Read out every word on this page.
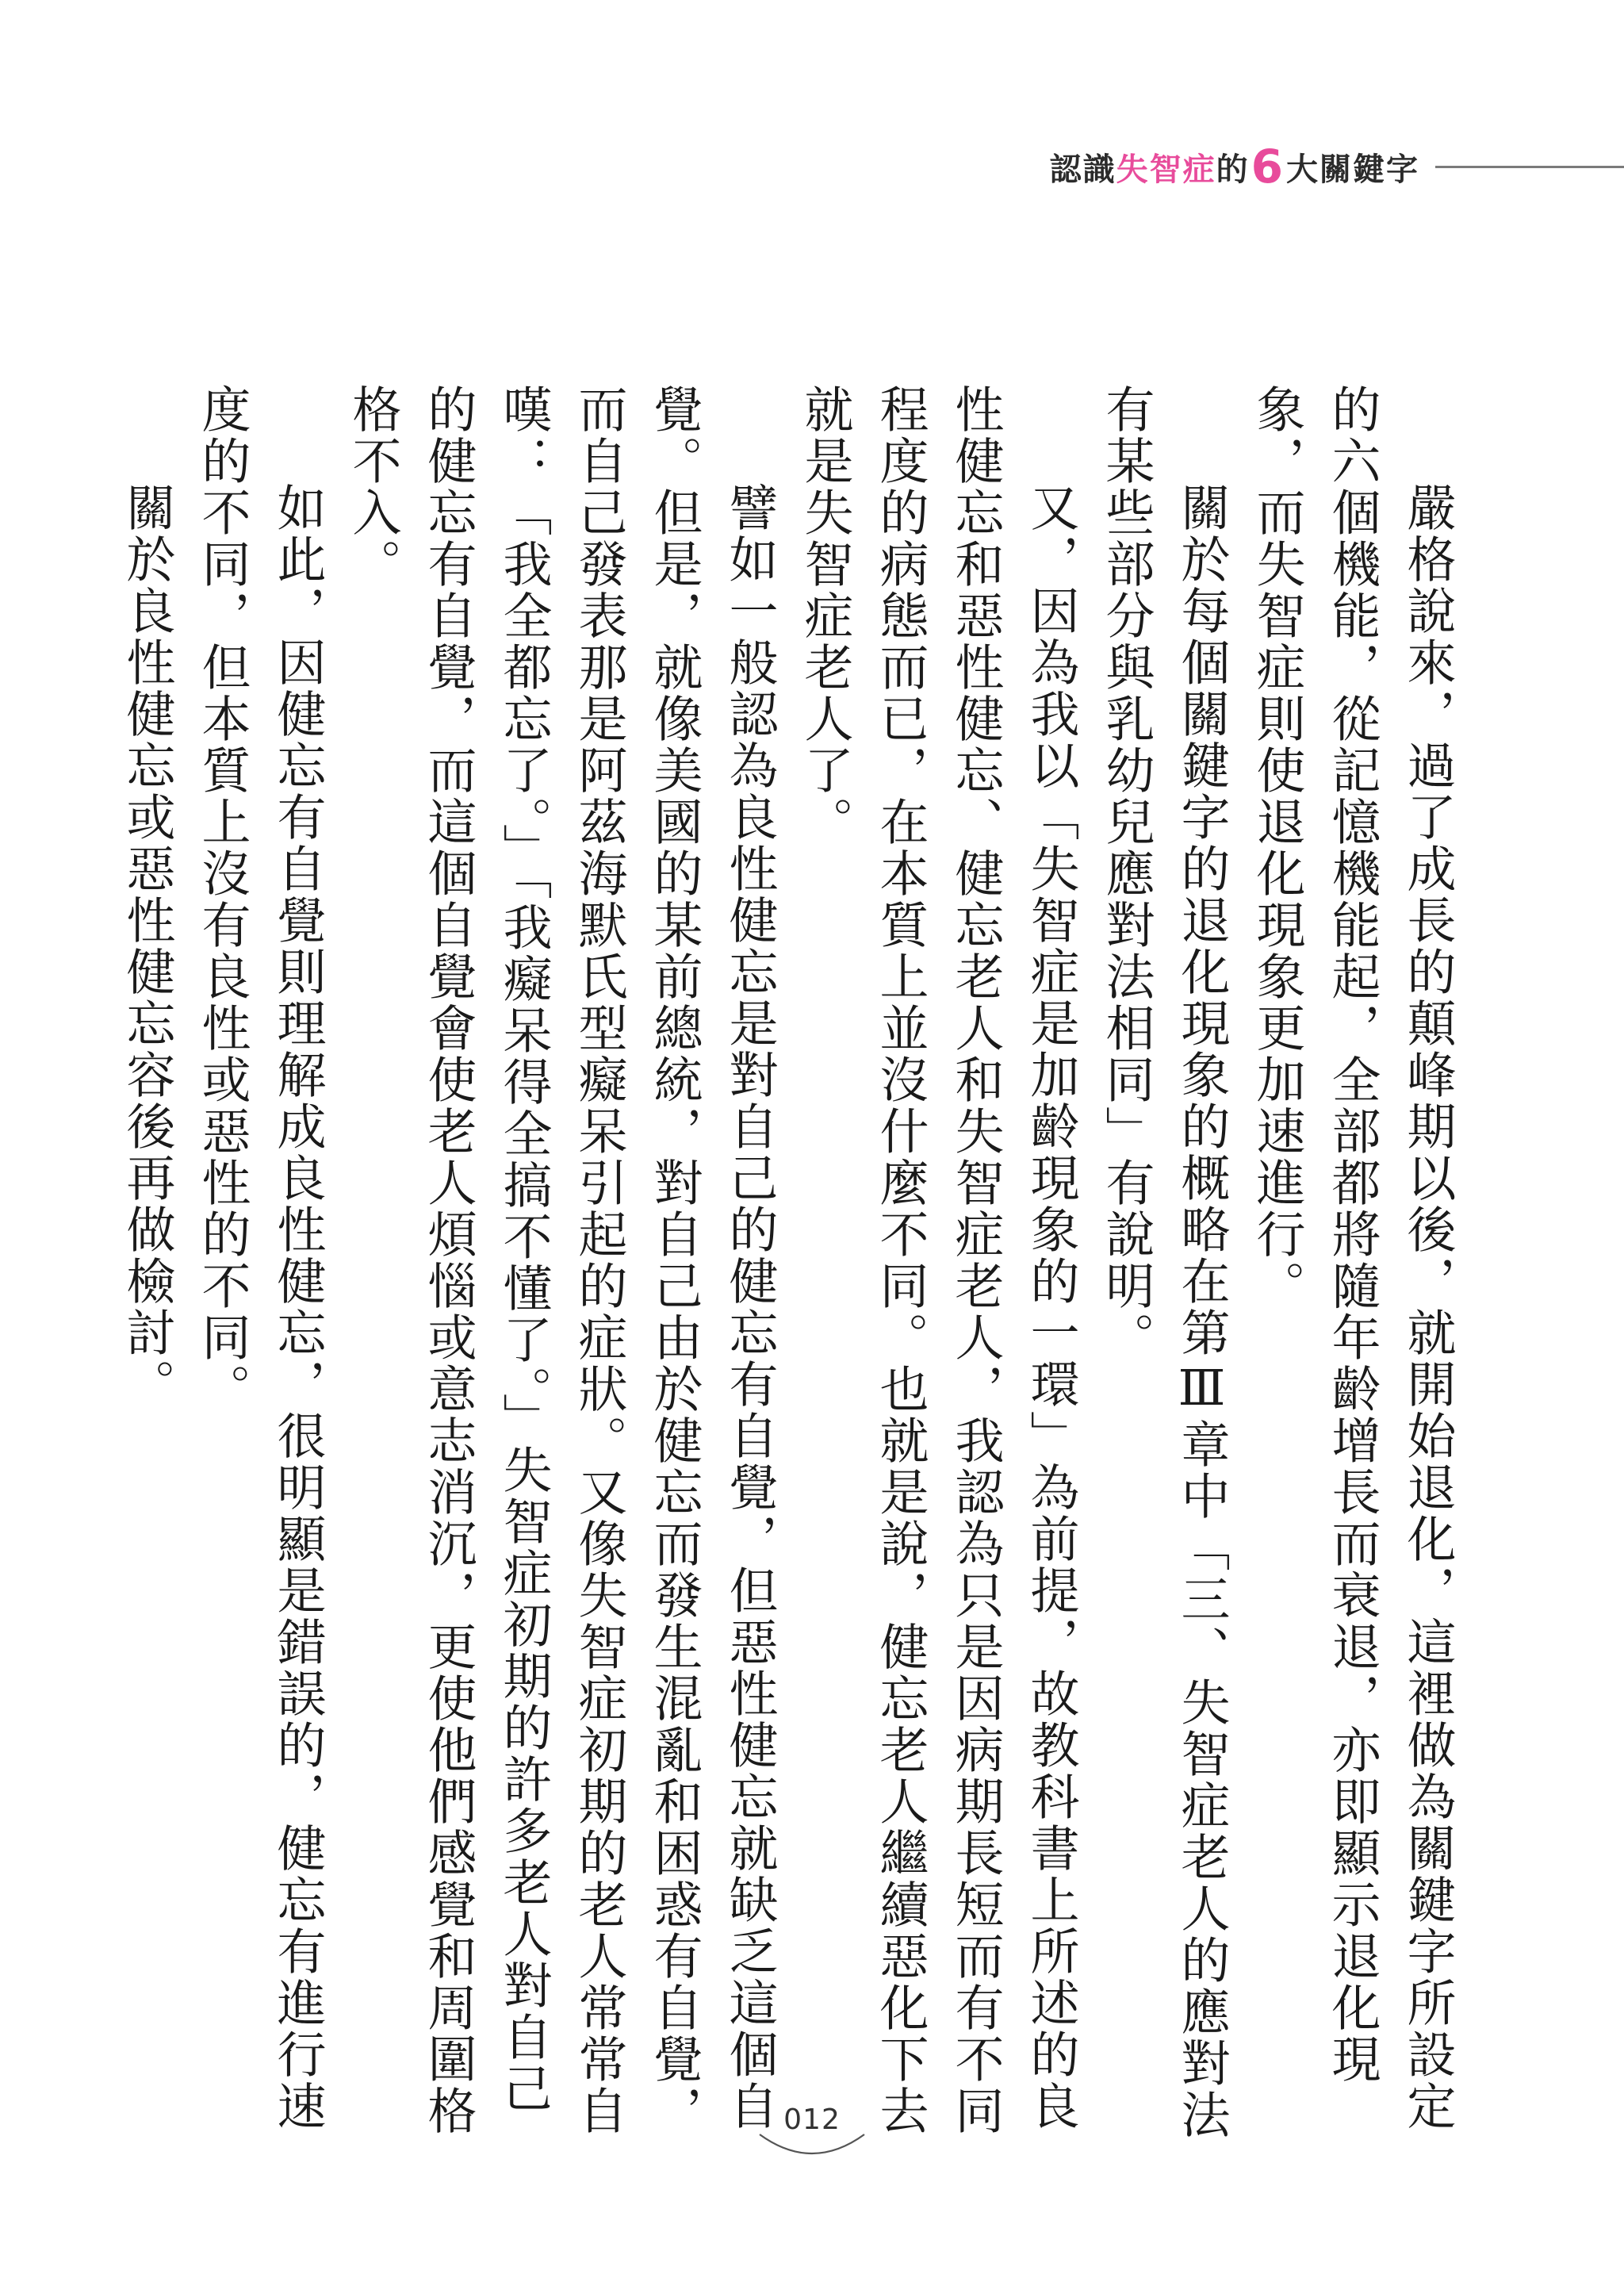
認識 失智症 的 6 大關鍵字

嚴格說來，過了成長的顛峰期以後，就開始退化，這裡做為關鍵字所設定的六個機能，從記憶機能起，全部都將隨年齡增長而衰退，亦即顯示退化現象，而失智症則使退化現象更加速進行。

關於每個關鍵字的退化現象的概略在第Ⅲ章中「三、失智症老人的應對法有某些部分與乳幼兒應對法相同」有說明。

又，因為我以「失智症是加齡現象的一環」為前提，故教科書上所述的良性健忘和惡性健忘、健忘老人和失智症老人，我認為只是因病期長短而有不同程度的病態而已，在本質上並沒什麼不同。也就是說，健忘老人繼續惡化下去就是失智症老人了。

譬如一般認為良性健忘是對自己的健忘有自覺，但惡性健忘就缺乏這個自覺。但是，就像美國的某前總統，對自己由於健忘而發生混亂和困惑有自覺，而自己發表那是阿茲海默氏型癡呆引起的症狀。又像失智症初期的老人常常自嘆：「我全都忘了。」「我癡呆得全搞不懂了。」失智症初期的許多老人對自己的健忘有自覺，而這個自覺會使老人煩惱或意志消沉，更使他們感覺和周圍格格不入。

如此，因健忘有自覺則理解成良性健忘，很明顯是錯誤的，健忘有進行速度的不同，但本質上沒有良性或惡性的不同。

關於良性健忘或惡性健忘容後再做檢討。

012
